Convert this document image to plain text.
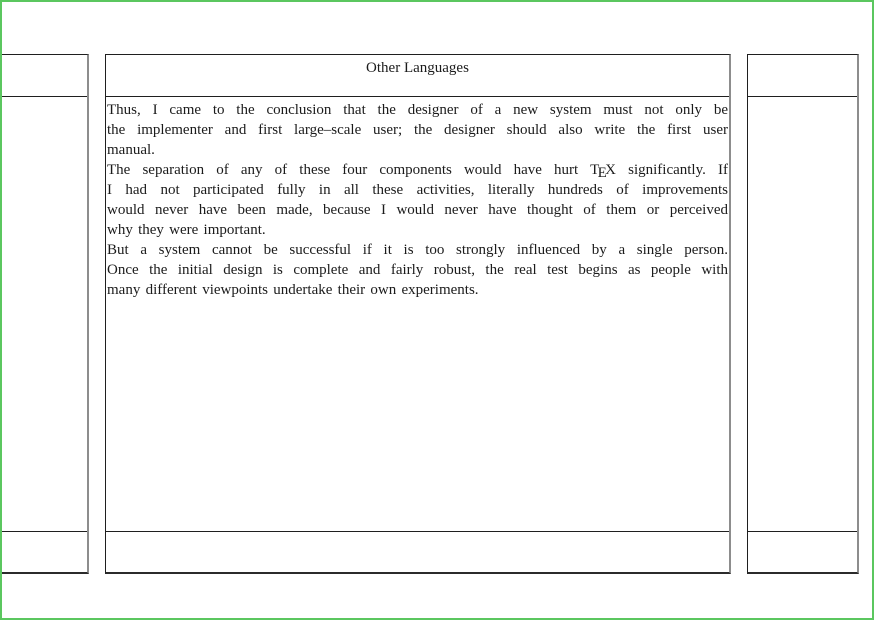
Other Languages
Thus, I came to the conclusion that the designer of a new system must not only be
the implementer and first large–scale user; the designer should also write the first user
manual.
The separation of any of these four components would have hurt TEX significantly. If
I had not participated fully in all these activities, literally hundreds of improvements
would never have been made, because I would never have thought of them or perceived
why they were important.
But a system cannot be successful if it is too strongly influenced by a single person.
Once the initial design is complete and fairly robust, the real test begins as people with
many different viewpoints undertake their own experiments.
